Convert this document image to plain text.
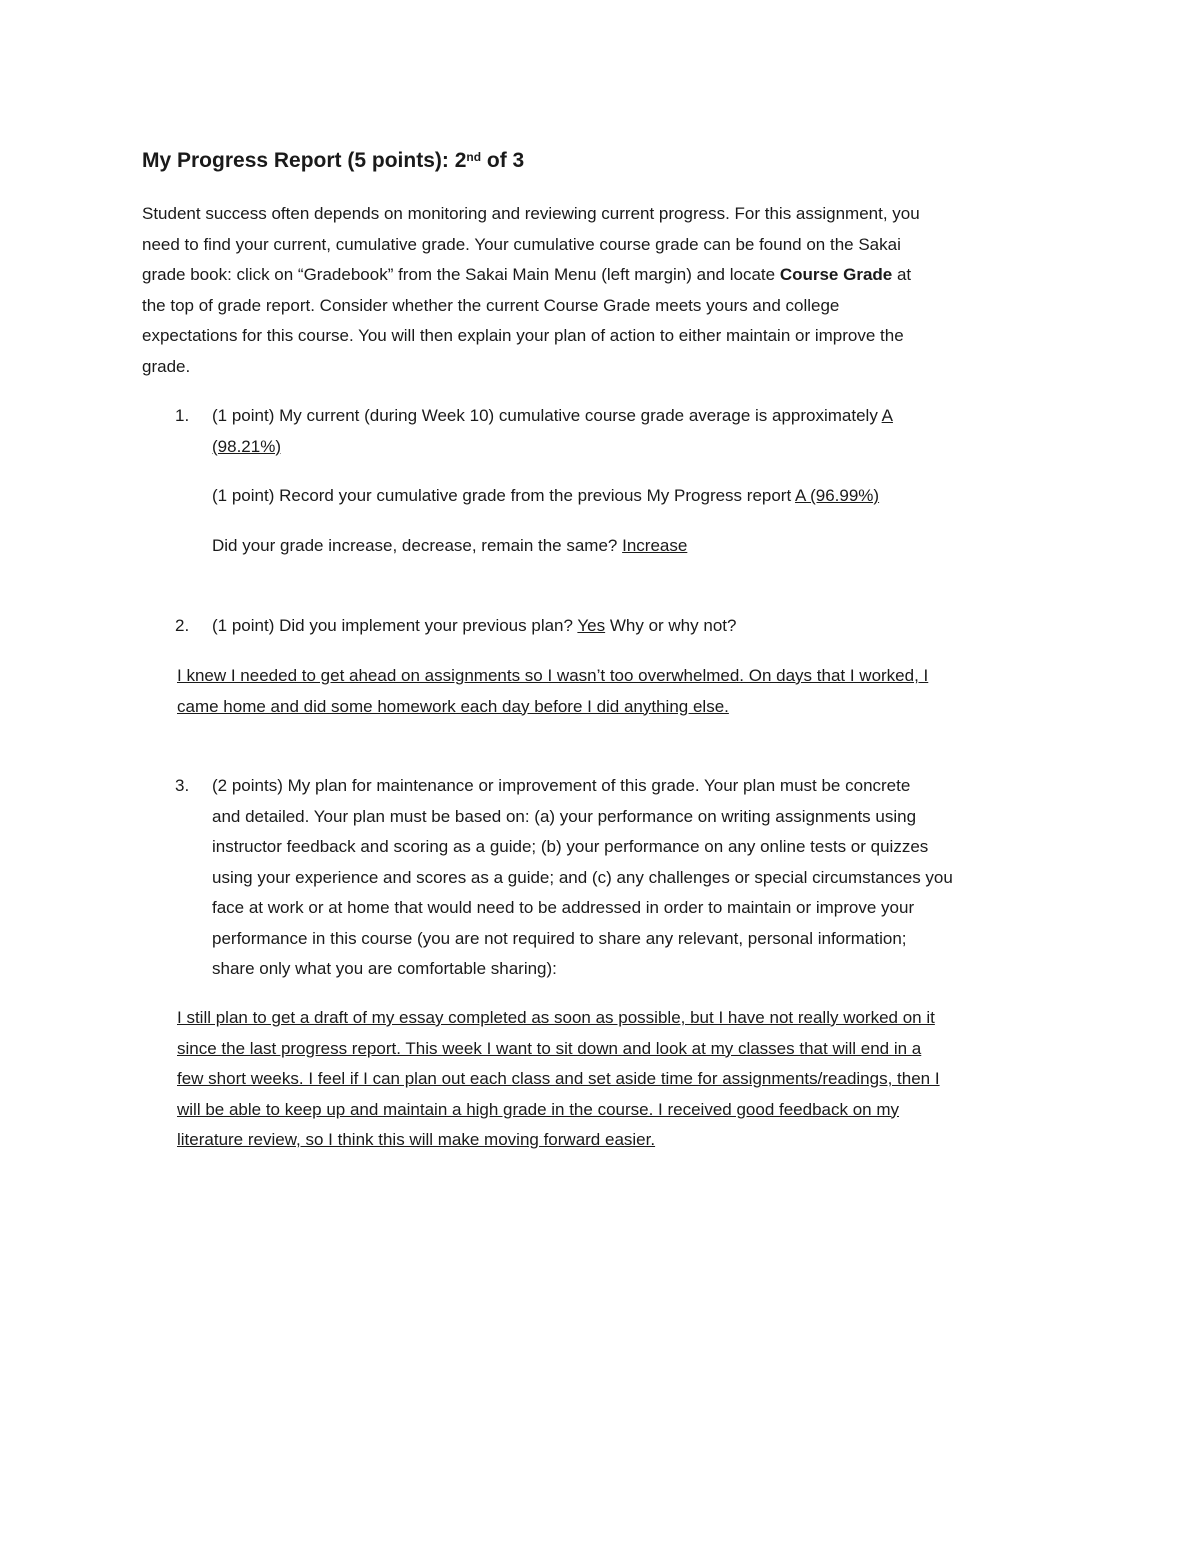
My Progress Report (5 points): 2nd of 3
Student success often depends on monitoring and reviewing current progress. For this assignment, you
need to find your current, cumulative grade. Your cumulative course grade can be found on the Sakai
grade book: click on “Gradebook” from the Sakai Main Menu (left margin) and locate Course Grade at
the top of grade report. Consider whether the current Course Grade meets yours and college
expectations for this course. You will then explain your plan of action to either maintain or improve the
grade.
1. (1 point) My current (during Week 10) cumulative course grade average is approximately A
(98.21%)
(1 point) Record your cumulative grade from the previous My Progress report A (96.99%)
Did your grade increase, decrease, remain the same? Increase
2. (1 point) Did you implement your previous plan? Yes Why or why not?
I knew I needed to get ahead on assignments so I wasn’t too overwhelmed. On days that I worked, I
came home and did some homework each day before I did anything else.
3. (2 points) My plan for maintenance or improvement of this grade. Your plan must be concrete
and detailed. Your plan must be based on: (a) your performance on writing assignments using
instructor feedback and scoring as a guide; (b) your performance on any online tests or quizzes
using your experience and scores as a guide; and (c) any challenges or special circumstances you
face at work or at home that would need to be addressed in order to maintain or improve your
performance in this course (you are not required to share any relevant, personal information;
share only what you are comfortable sharing):
I still plan to get a draft of my essay completed as soon as possible, but I have not really worked on it
since the last progress report. This week I want to sit down and look at my classes that will end in a
few short weeks. I feel if I can plan out each class and set aside time for assignments/readings, then I
will be able to keep up and maintain a high grade in the course. I received good feedback on my
literature review, so I think this will make moving forward easier.
